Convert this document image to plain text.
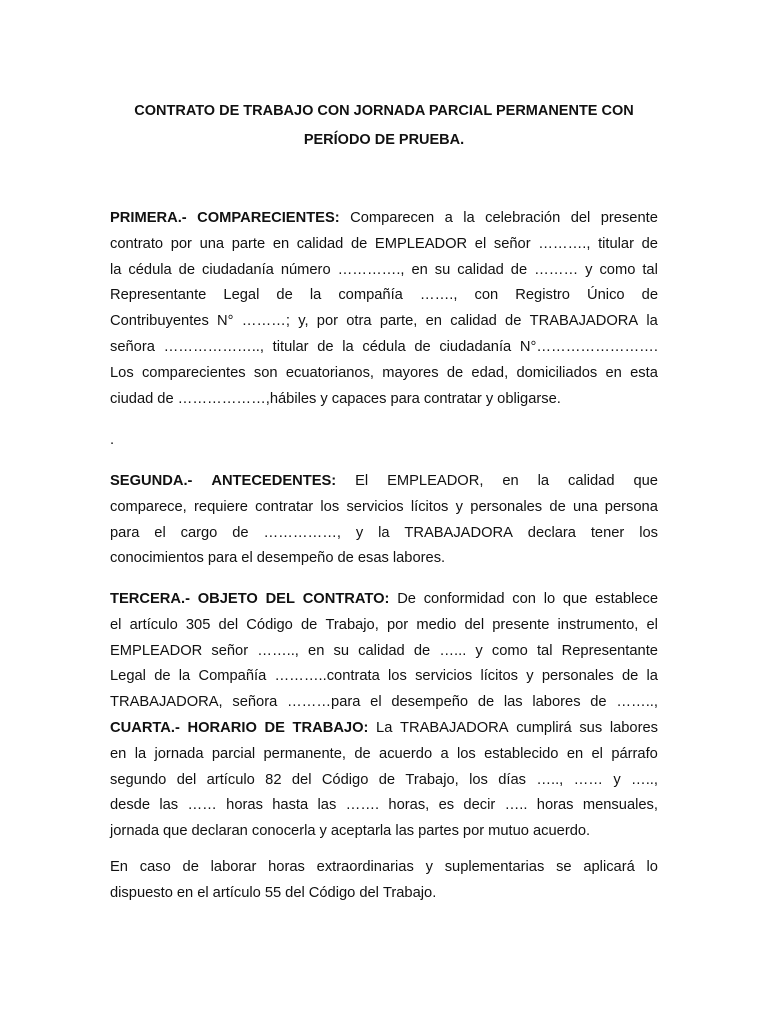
CONTRATO DE TRABAJO CON JORNADA PARCIAL PERMANENTE CON
PERÍODO DE PRUEBA.
PRIMERA.- COMPARECIENTES: Comparecen a la celebración del presente
contrato por una parte en calidad de EMPLEADOR el señor ………., titular de
la cédula de ciudadanía número …………., en su calidad de ……… y como tal
Representante Legal de la compañía ……., con Registro Único de
Contribuyentes N° ………; y, por otra parte, en calidad de TRABAJADORA la
señora ……………….., titular de la cédula de ciudadanía N°…………………….
Los comparecientes son ecuatorianos, mayores de edad, domiciliados en esta
ciudad de ………………,hábiles y capaces para contratar y obligarse.
.
SEGUNDA.- ANTECEDENTES: El EMPLEADOR, en la calidad que
comparece, requiere contratar los servicios lícitos y personales de una persona
para el cargo de ……………, y la TRABAJADORA declara tener los
conocimientos para el desempeño de esas labores.
TERCERA.- OBJETO DEL CONTRATO: De conformidad con lo que establece
el artículo 305 del Código de Trabajo, por medio del presente instrumento, el
EMPLEADOR señor …….., en su calidad de …... y como tal Representante
Legal de la Compañía ………..contrata los servicios lícitos y personales de la
TRABAJADORA, señora ………para el desempeño de las labores de ……..,
CUARTA.- HORARIO DE TRABAJO: La TRABAJADORA cumplirá sus labores
en la jornada parcial permanente, de acuerdo a los establecido en el párrafo
segundo del artículo 82 del Código de Trabajo, los días ….., …… y …..,
desde las …… horas hasta las ……. horas, es decir ….. horas mensuales,
jornada que declaran conocerla y aceptarla las partes por mutuo acuerdo.
En caso de laborar horas extraordinarias y suplementarias se aplicará lo
dispuesto en el artículo 55 del Código del Trabajo.
